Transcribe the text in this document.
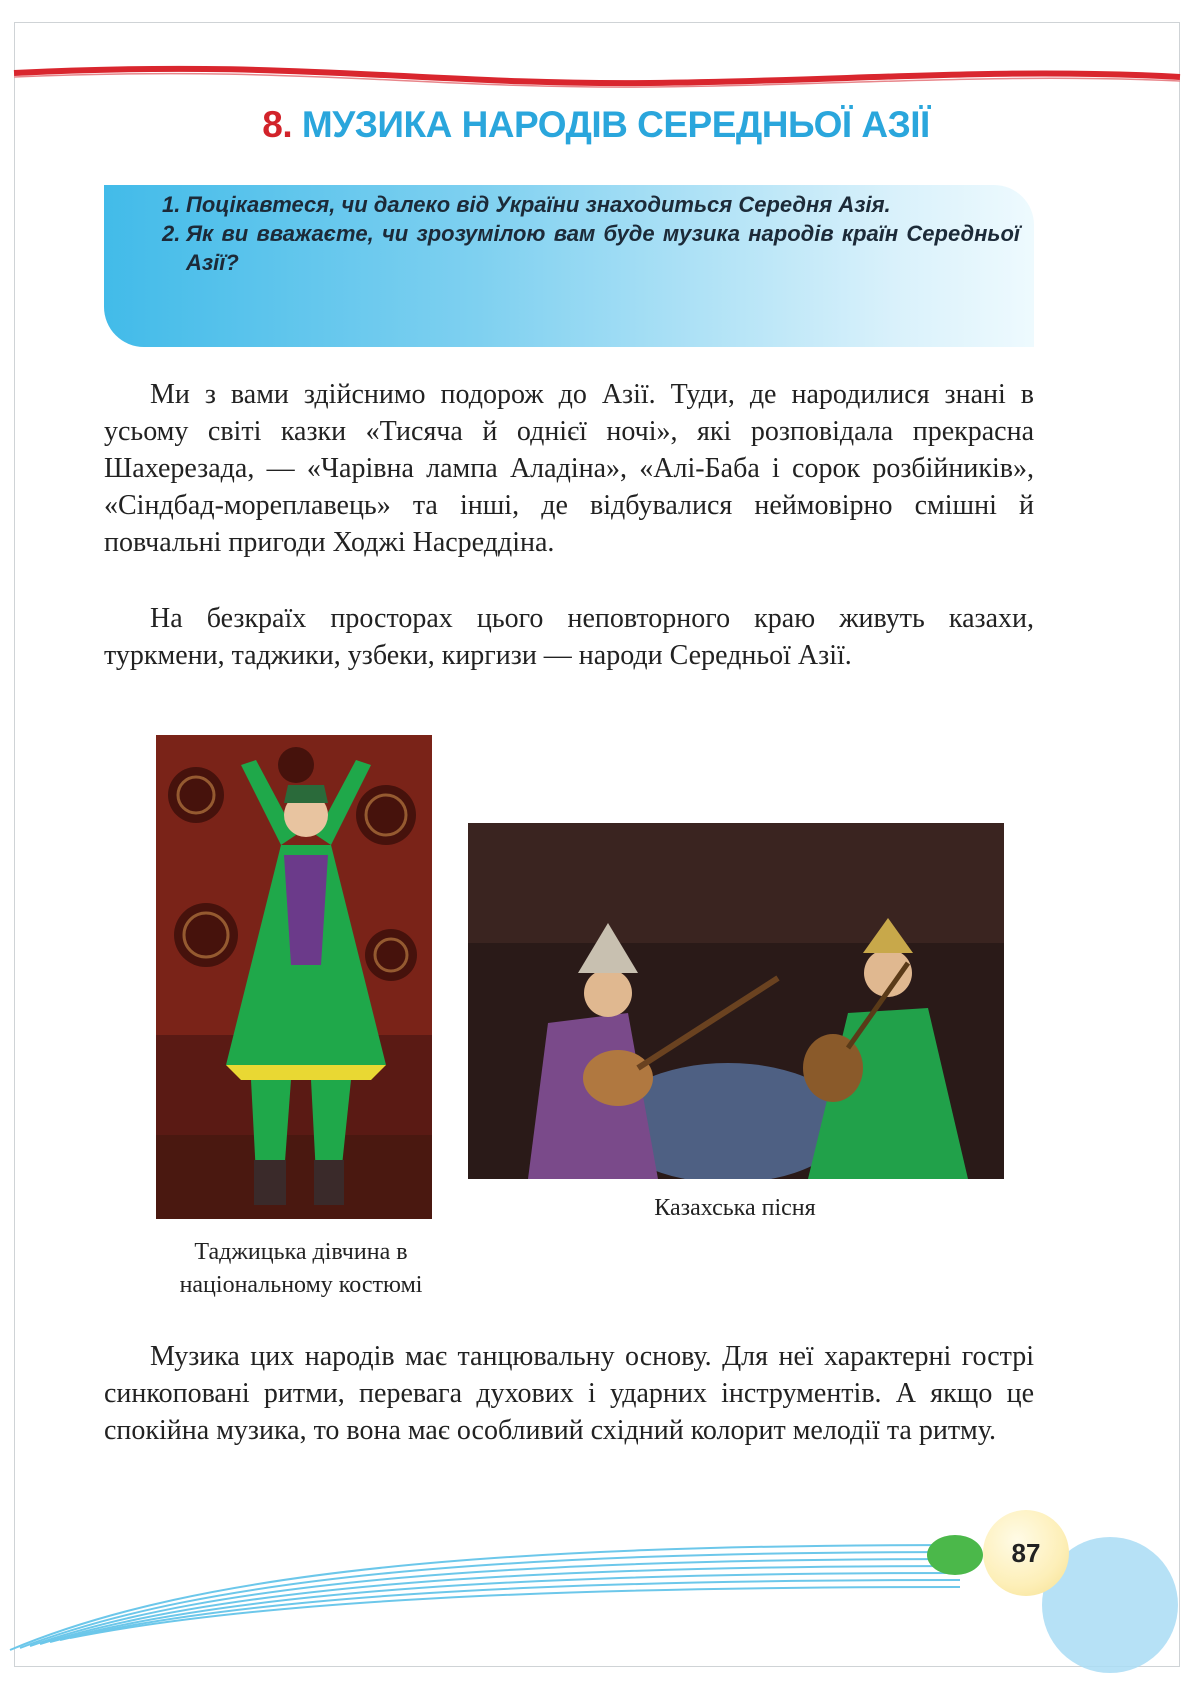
8. МУЗИКА НАРОДІВ СЕРЕДНЬОЇ АЗІЇ
1. Поцікавтеся, чи далеко від України знаходиться Середня Азія.
2. Як ви вважаєте, чи зрозумілою вам буде музика народів країн Середньої Азії?

Ми з вами здійснимо подорож до Азії. Туди, де народилися знані в усьому світі казки «Тисяча й однієї ночі», які розповідала прекрасна Шахерезада, — «Чарівна лампа Аладіна», «Алі-Баба і сорок розбійників», «Сіндбад-мореплавець» та інші, де відбувалися неймовірно смішні й повчальні пригоди Ходжі Насреддіна.

На безкраїх просторах цього неповторного краю живуть казахи, туркмени, таджики, узбеки, киргизи — народи Середньої Азії.

Таджицька дівчина в національному костюмі
Казахська пісня

Музика цих народів має танцювальну основу. Для неї характерні гострі синкоповані ритми, перевага духових і ударних інструментів. А якщо це спокійна музика, то вона має особливий східний колорит мелодії та ритму.

87
